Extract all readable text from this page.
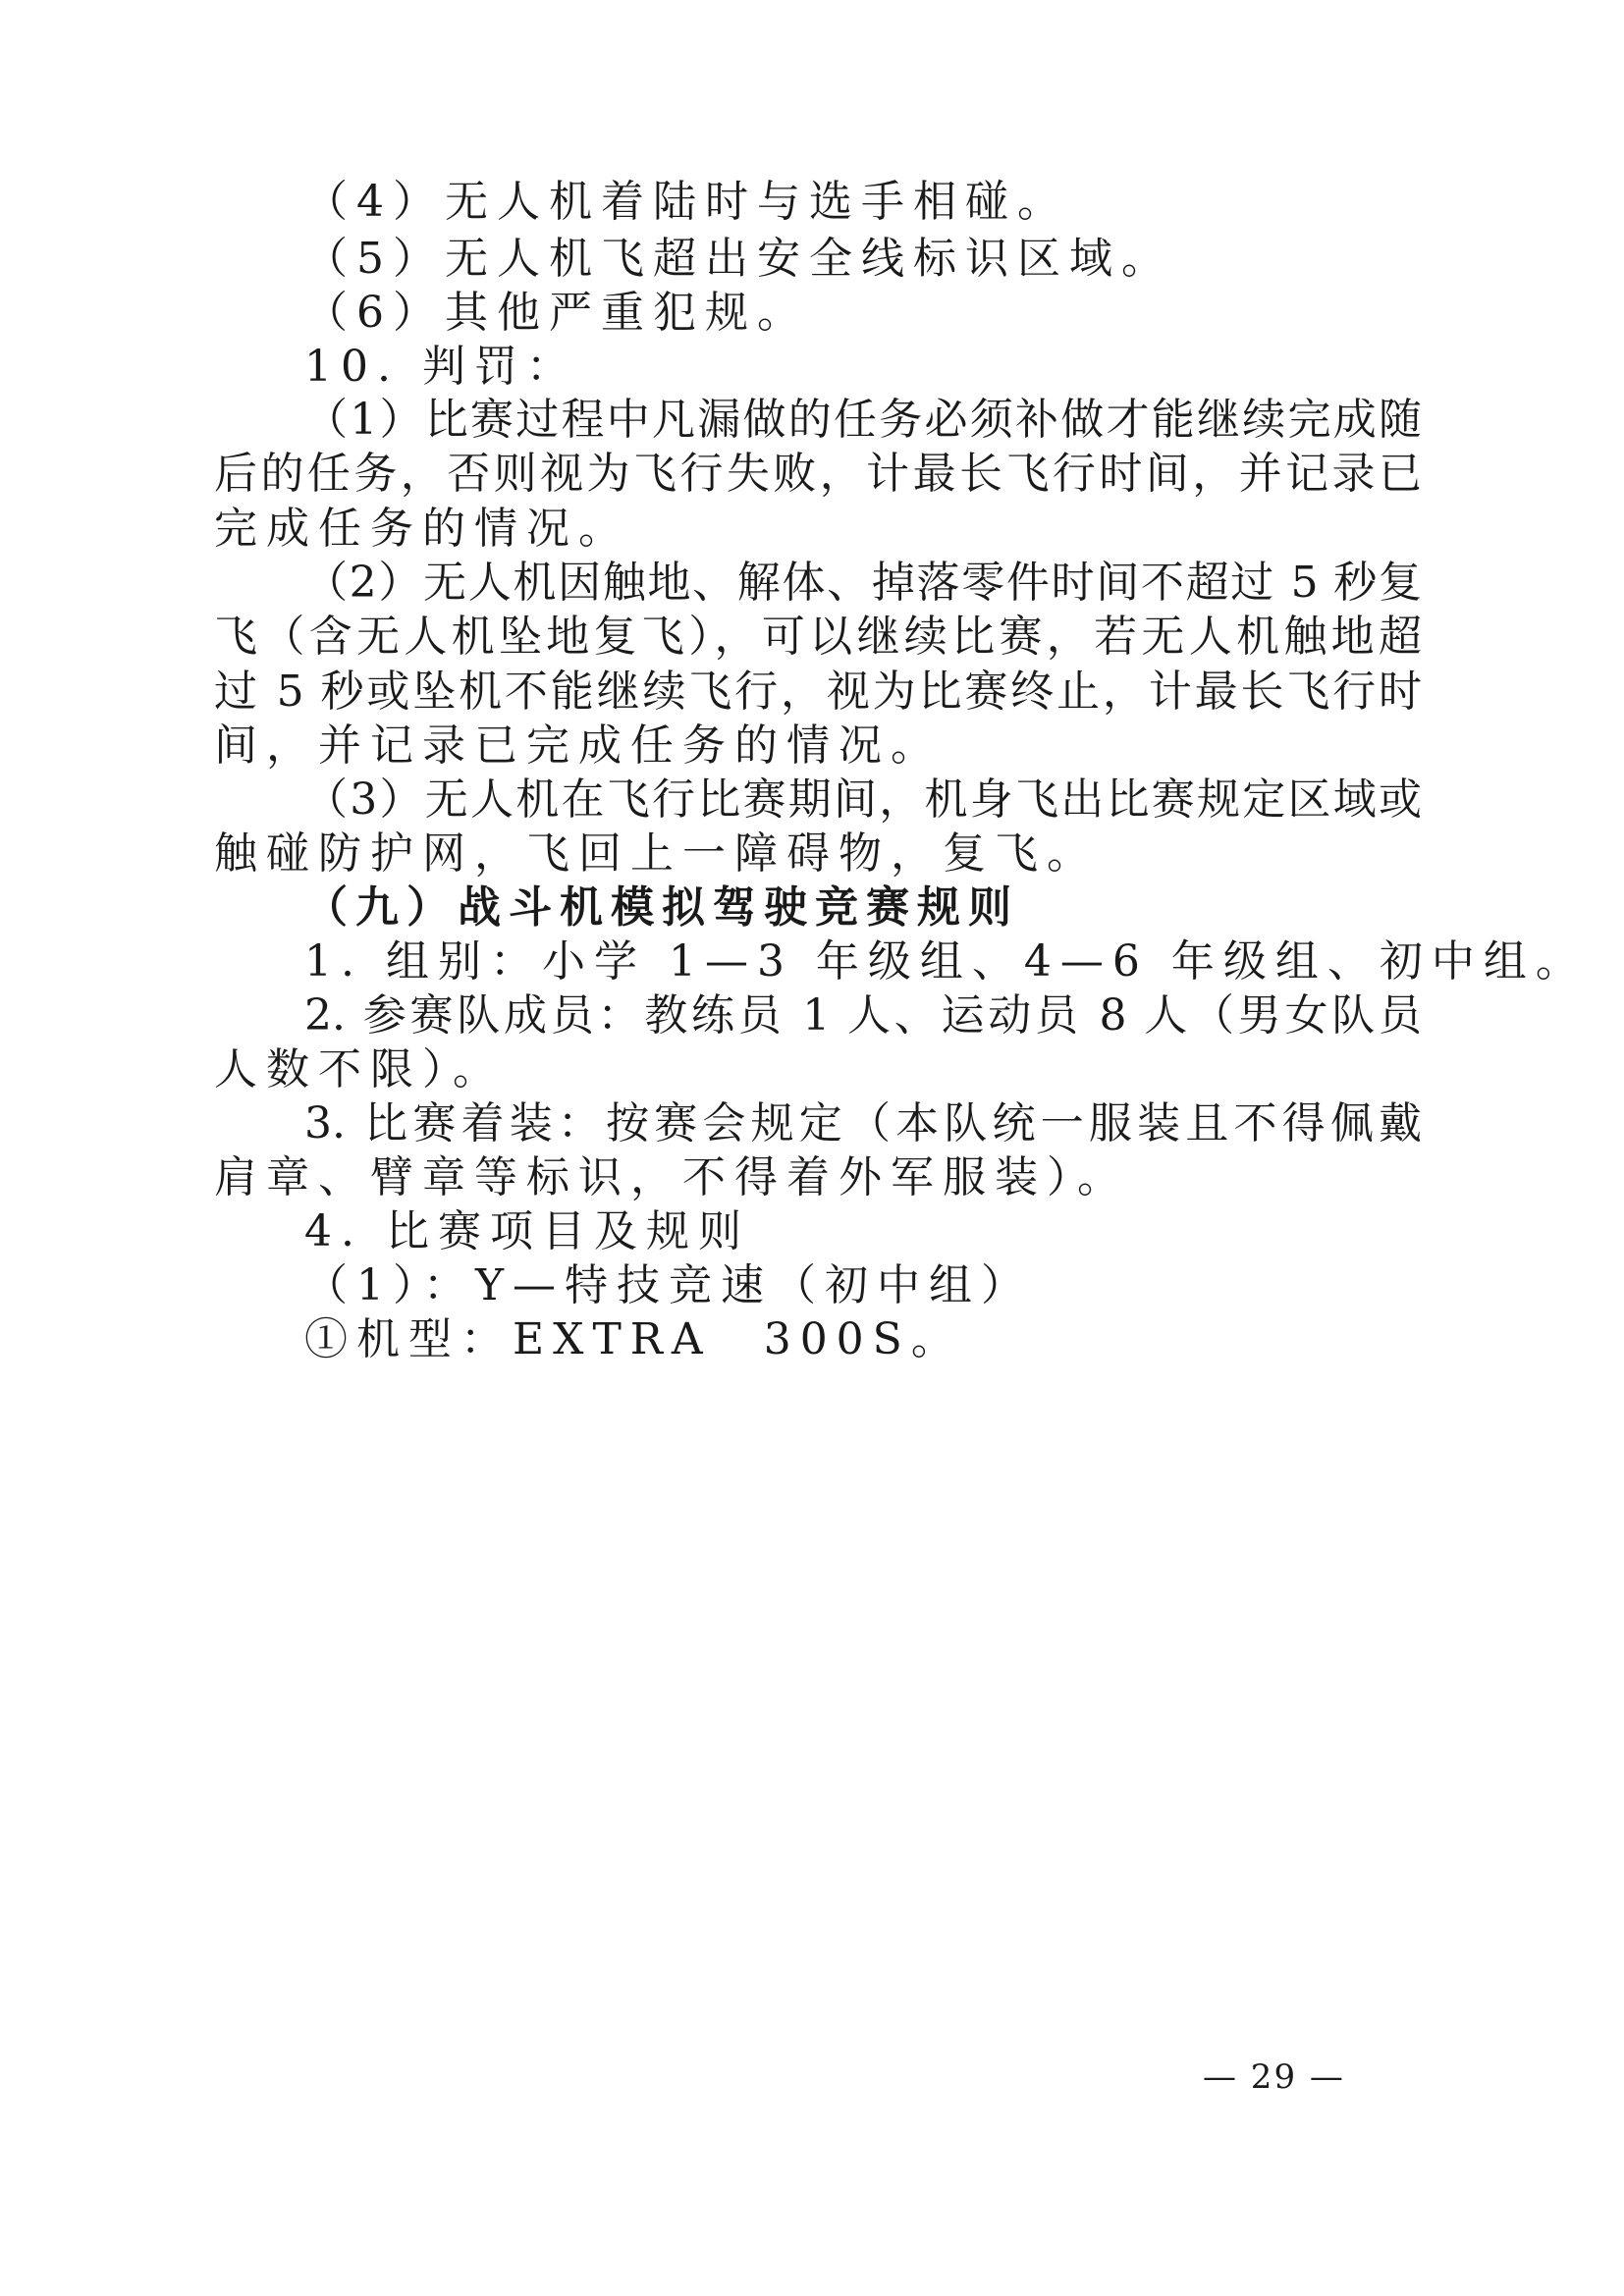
（4）无人机着陆时与选手相碰。
（5）无人机飞超出安全线标识区域。
（6）其他严重犯规。
10. 判罚：
（1）比赛过程中凡漏做的任务必须补做才能继续完成随
后的任务，否则视为飞行失败，计最长飞行时间，并记录已
完成任务的情况。
（2）无人机因触地、解体、掉落零件时间不超过 5 秒复
飞（含无人机坠地复飞），可以继续比赛，若无人机触地超
过 5 秒或坠机不能继续飞行，视为比赛终止，计最长飞行时
间，并记录已完成任务的情况。
（3）无人机在飞行比赛期间，机身飞出比赛规定区域或
触碰防护网，飞回上一障碍物，复飞。
（九）战斗机模拟驾驶竞赛规则
1. 组别：小学 1—3 年级组、4—6 年级组、初中组。
2. 参赛队成员：教练员 1 人、运动员 8 人（男女队员
人数不限）。
3. 比赛着装：按赛会规定（本队统一服装且不得佩戴
肩章、臂章等标识，不得着外军服装）。
4. 比赛项目及规则
（1）：Y—特技竞速（初中组）
①机型：EXTRA　300S。
— 29 —
